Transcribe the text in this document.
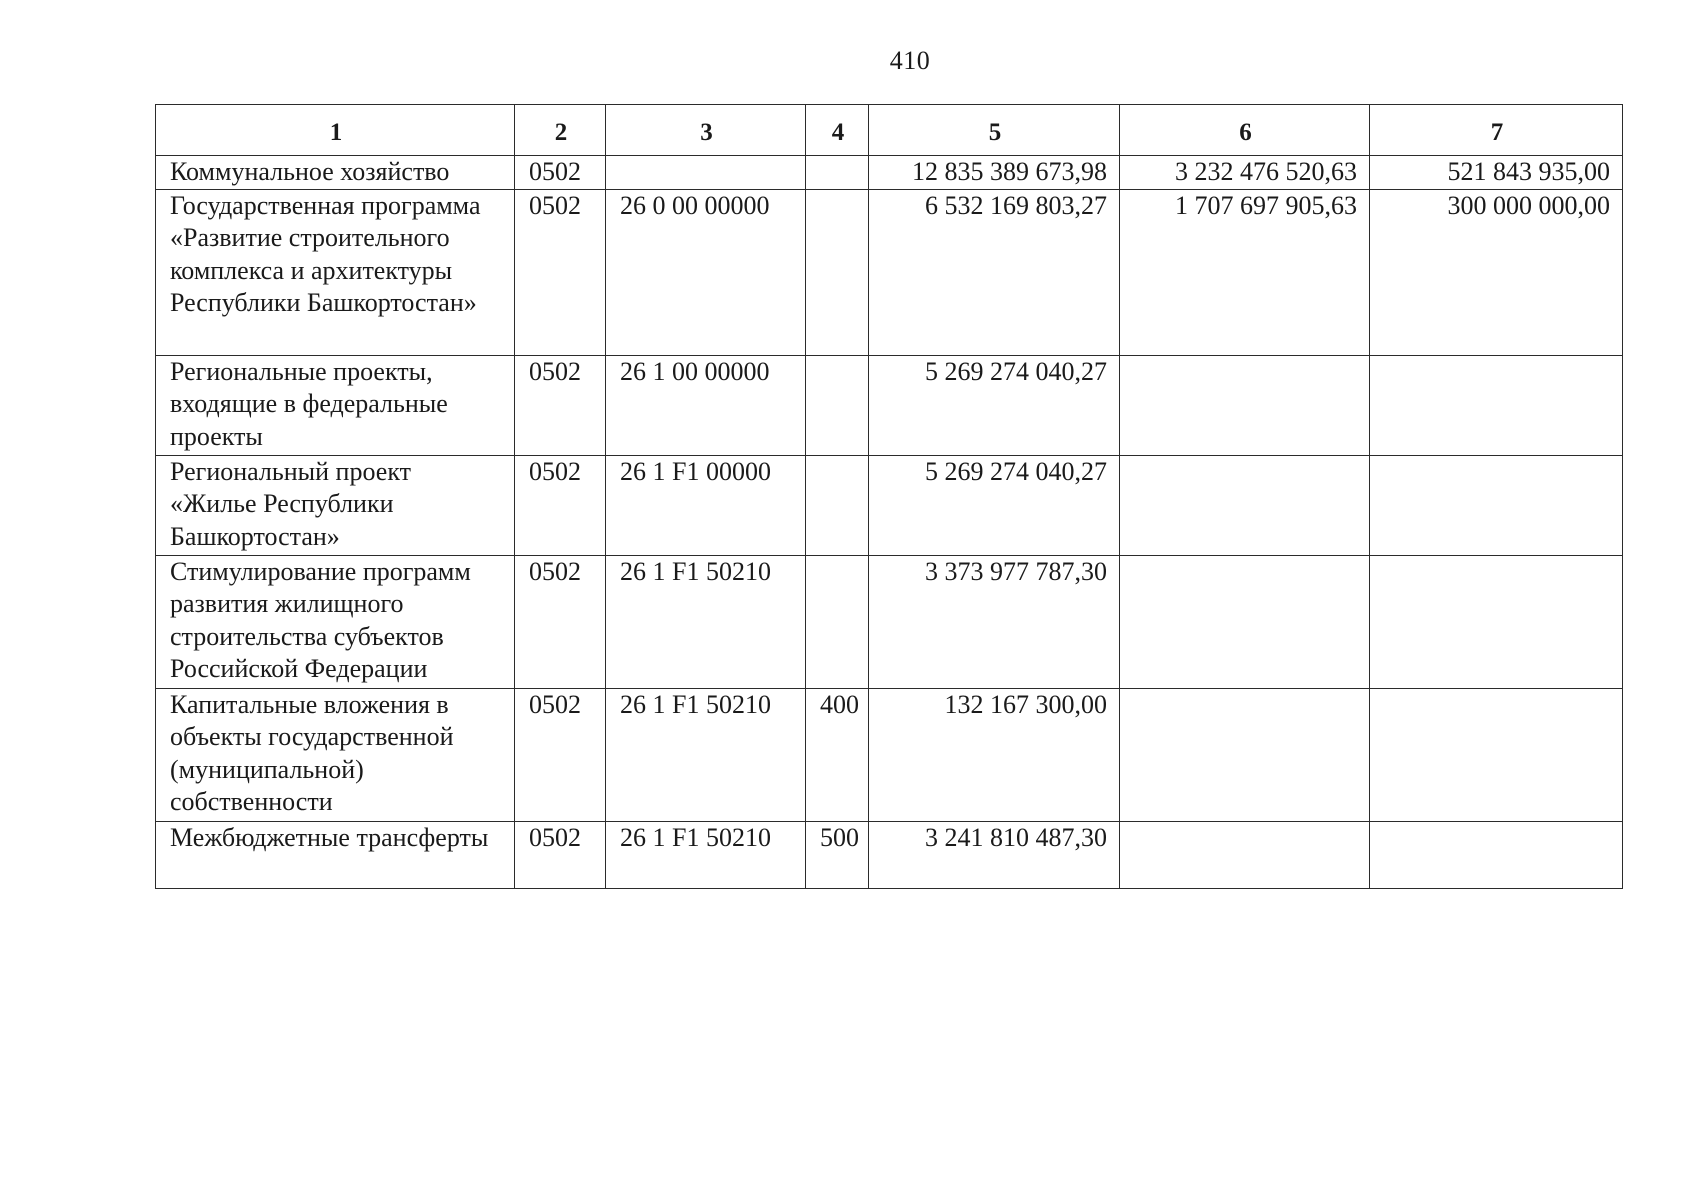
410
1	2	3	4	5	6	7
Коммунальное хозяйство	0502			12 835 389 673,98	3 232 476 520,63	521 843 935,00
Государственная программа «Развитие строительного комплекса и архитектуры Республики Башкортостан»	0502	26 0 00 00000		6 532 169 803,27	1 707 697 905,63	300 000 000,00
Региональные проекты, входящие в федеральные проекты	0502	26 1 00 00000		5 269 274 040,27		
Региональный проект «Жилье Республики Башкортостан»	0502	26 1 F1 00000		5 269 274 040,27		
Стимулирование программ развития жилищного строительства субъектов Российской Федерации	0502	26 1 F1 50210		3 373 977 787,30		
Капитальные вложения в объекты государственной (муниципальной) собственности	0502	26 1 F1 50210	400	132 167 300,00		
Межбюджетные трансферты	0502	26 1 F1 50210	500	3 241 810 487,30		
